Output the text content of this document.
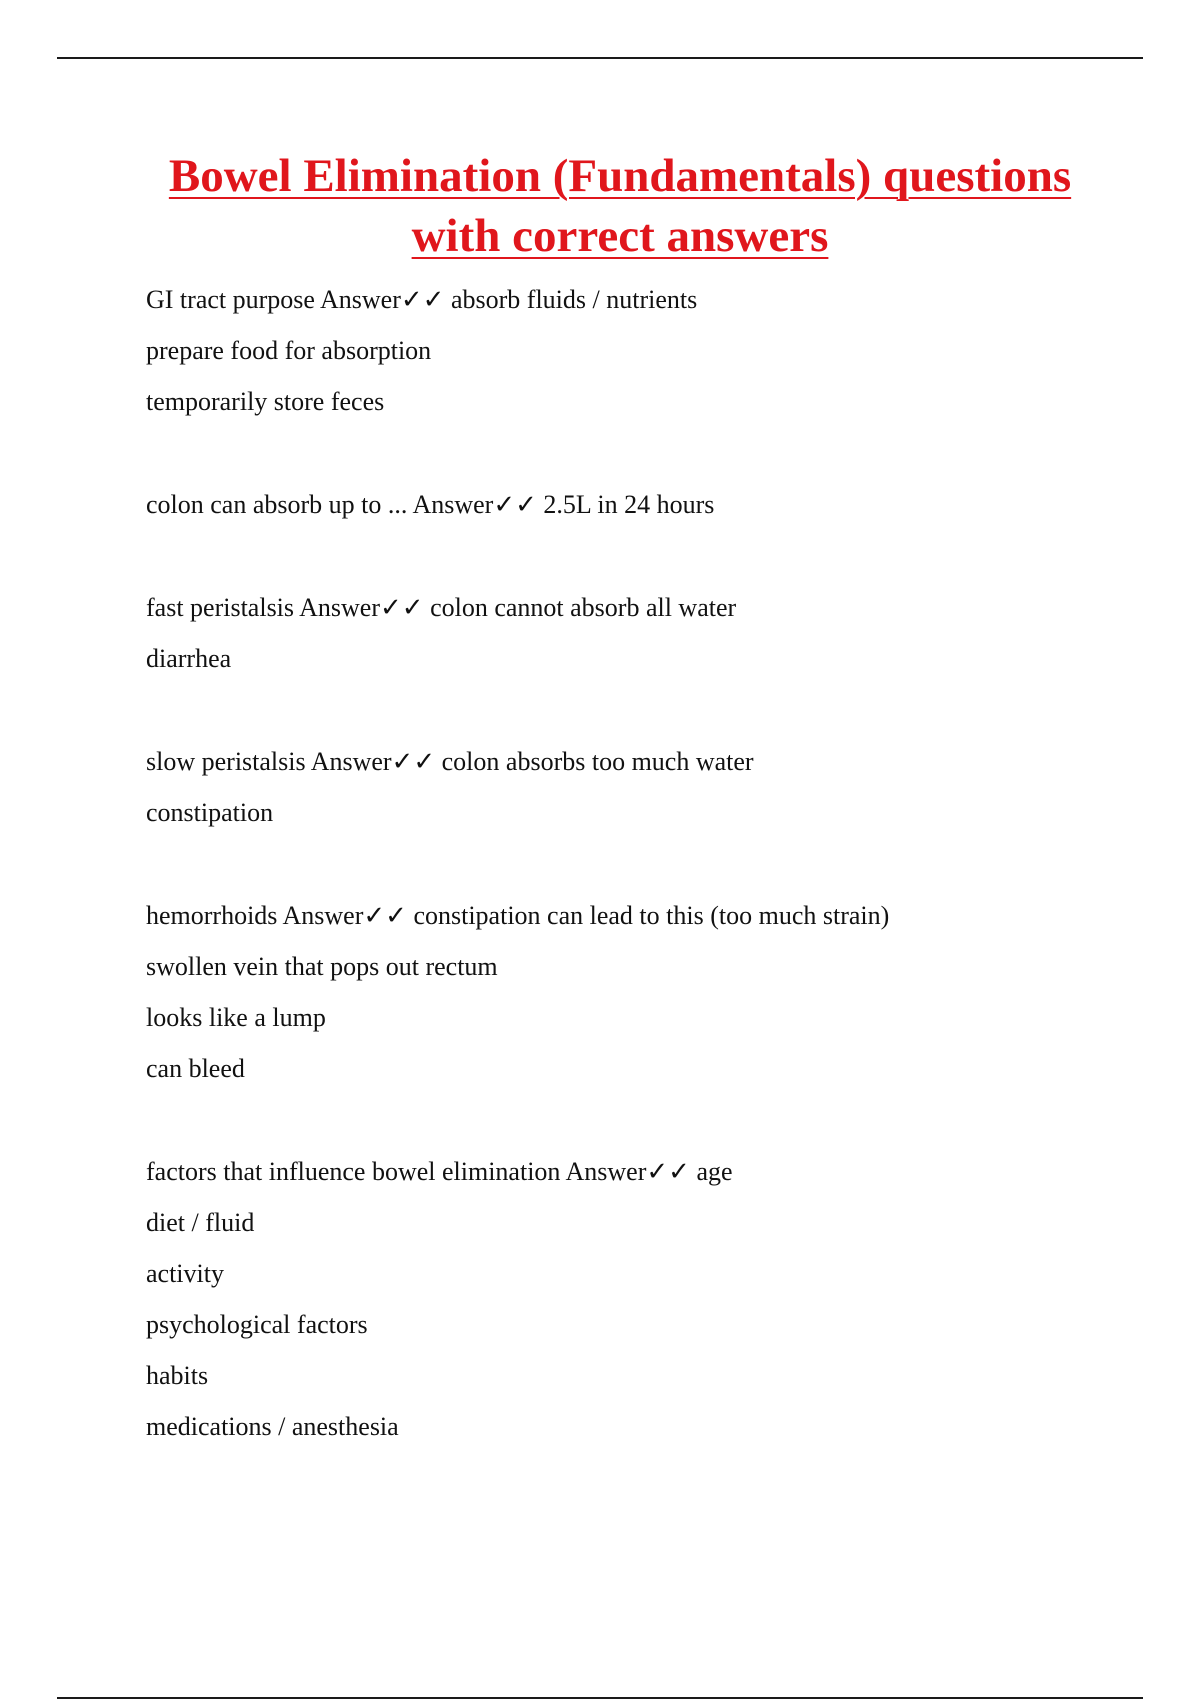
Bowel Elimination (Fundamentals) questions
with correct answers
GI tract purpose Answer✓✓ absorb fluids / nutrients
prepare food for absorption
temporarily store feces
colon can absorb up to ... Answer✓✓ 2.5L in 24 hours
fast peristalsis Answer✓✓ colon cannot absorb all water
diarrhea
slow peristalsis Answer✓✓ colon absorbs too much water
constipation
hemorrhoids Answer✓✓ constipation can lead to this (too much strain)
swollen vein that pops out rectum
looks like a lump
can bleed
factors that influence bowel elimination Answer✓✓ age
diet / fluid
activity
psychological factors
habits
medications / anesthesia
